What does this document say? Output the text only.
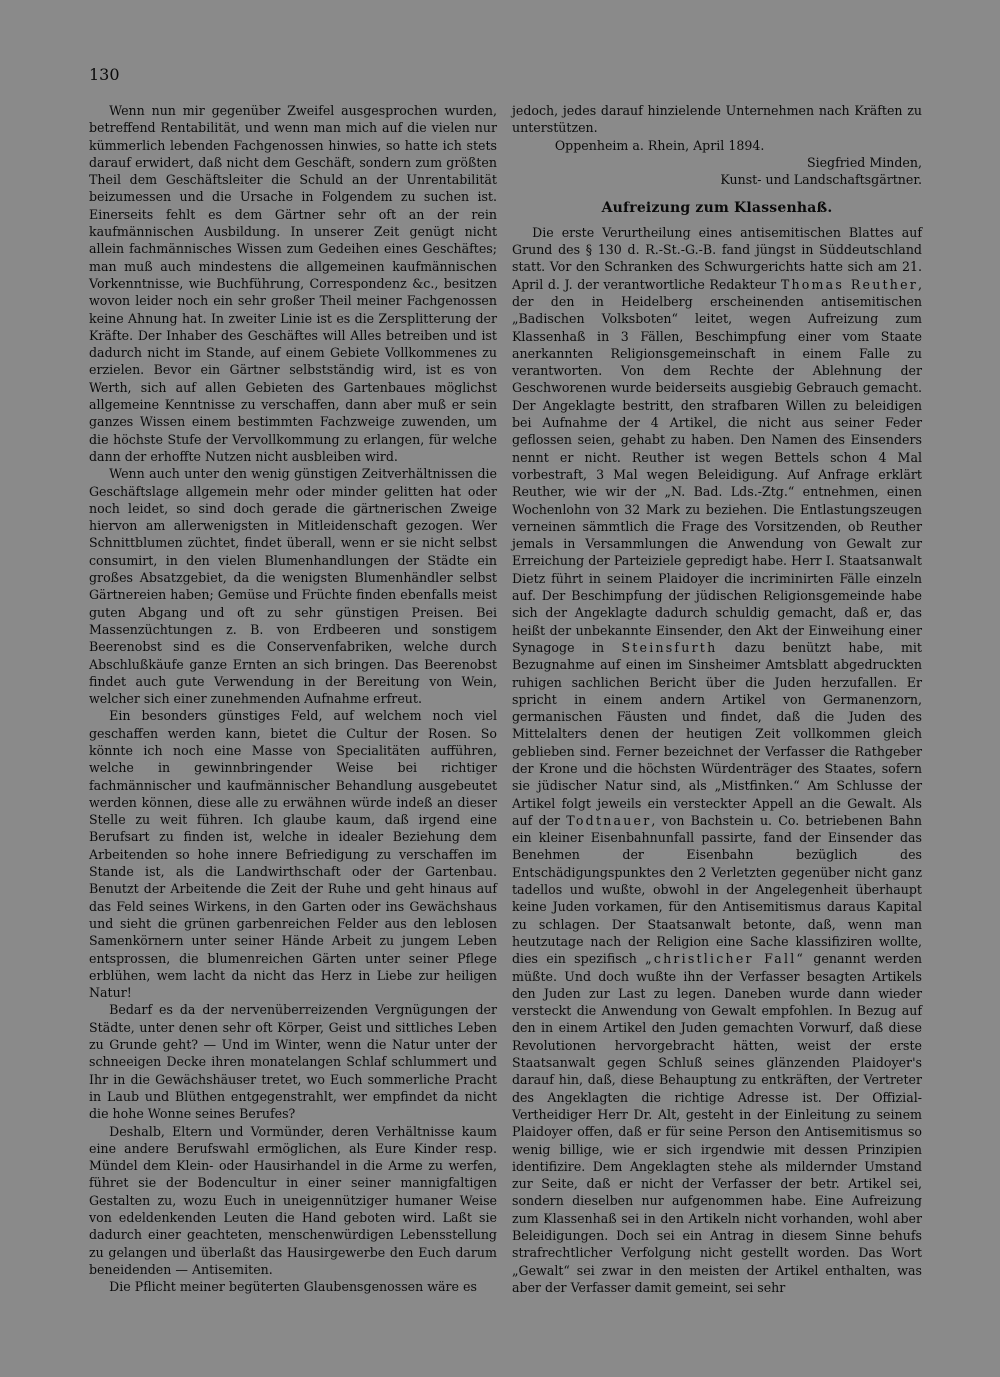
130

Wenn nun mir gegenüber Zweifel ausgesprochen wurden, betreffend Rentabilität, und wenn man mich auf die vielen nur kümmerlich lebenden Fachgenossen hinwies, so hatte ich stets darauf erwidert, daß nicht dem Geschäft, sondern zum größten Theil dem Geschäftsleiter die Schuld an der Unrentabilität beizumessen und die Ursache in Folgendem zu suchen ist. Einerseits fehlt es dem Gärtner sehr oft an der rein kaufmännischen Ausbildung. In unserer Zeit genügt nicht allein fachmännisches Wissen zum Gedeihen eines Geschäftes; man muß auch mindestens die allgemeinen kaufmännischen Vorkenntnisse, wie Buchführung, Correspondenz &c., besitzen wovon leider noch ein sehr großer Theil meiner Fachgenossen keine Ahnung hat. In zweiter Linie ist es die Zersplitterung der Kräfte. Der Inhaber des Geschäftes will Alles betreiben und ist dadurch nicht im Stande, auf einem Gebiete Vollkommenes zu erzielen. Bevor ein Gärtner selbstständig wird, ist es von Werth, sich auf allen Gebieten des Gartenbaues möglichst allgemeine Kenntnisse zu verschaffen, dann aber muß er sein ganzes Wissen einem bestimmten Fachzweige zuwenden, um die höchste Stufe der Vervollkommung zu erlangen, für welche dann der erhoffte Nutzen nicht ausbleiben wird.

Wenn auch unter den wenig günstigen Zeitverhältnissen die Geschäftslage allgemein mehr oder minder gelitten hat oder noch leidet, so sind doch gerade die gärtnerischen Zweige hiervon am allerwenigsten in Mitleidenschaft gezogen. Wer Schnittblumen züchtet, findet überall, wenn er sie nicht selbst consumirt, in den vielen Blumenhandlungen der Städte ein großes Absatzgebiet, da die wenigsten Blumenhändler selbst Gärtnereien haben; Gemüse und Früchte finden ebenfalls meist guten Abgang und oft zu sehr günstigen Preisen. Bei Massenzüchtungen z. B. von Erdbeeren und sonstigem Beerenobst sind es die Conservenfabriken, welche durch Abschlußkäufe ganze Ernten an sich bringen. Das Beerenobst findet auch gute Verwendung in der Bereitung von Wein, welcher sich einer zunehmenden Aufnahme erfreut.

Ein besonders günstiges Feld, auf welchem noch viel geschaffen werden kann, bietet die Cultur der Rosen. So könnte ich noch eine Masse von Specialitäten aufführen, welche in gewinnbringender Weise bei richtiger fachmännischer und kaufmännischer Behandlung ausgebeutet werden können, diese alle zu erwähnen würde indeß an dieser Stelle zu weit führen. Ich glaube kaum, daß irgend eine Berufsart zu finden ist, welche in idealer Beziehung dem Arbeitenden so hohe innere Befriedigung zu verschaffen im Stande ist, als die Landwirthschaft oder der Gartenbau. Benutzt der Arbeitende die Zeit der Ruhe und geht hinaus auf das Feld seines Wirkens, in den Garten oder ins Gewächshaus und sieht die grünen garbenreichen Felder aus den leblosen Samenkörnern unter seiner Hände Arbeit zu jungem Leben entsprossen, die blumenreichen Gärten unter seiner Pflege erblühen, wem lacht da nicht das Herz in Liebe zur heiligen Natur!

Bedarf es da der nervenüberreizenden Vergnügungen der Städte, unter denen sehr oft Körper, Geist und sittliches Leben zu Grunde geht? — Und im Winter, wenn die Natur unter der schneeigen Decke ihren monatelangen Schlaf schlummert und Ihr in die Gewächshäuser tretet, wo Euch sommerliche Pracht in Laub und Blüthen entgegenstrahlt, wer empfindet da nicht die hohe Wonne seines Berufes?

Deshalb, Eltern und Vormünder, deren Verhältnisse kaum eine andere Berufswahl ermöglichen, als Eure Kinder resp. Mündel dem Klein- oder Hausirhandel in die Arme zu werfen, führet sie der Bodencultur in einer seiner mannigfaltigen Gestalten zu, wozu Euch in uneigennütziger humaner Weise von edeldenkenden Leuten die Hand geboten wird. Laßt sie dadurch einer geachteten, menschenwürdigen Lebensstellung zu gelangen und überlaßt das Hausirgewerbe den Euch darum beneidenden — Antisemiten.

Die Pflicht meiner begüterten Glaubensgenossen wäre es

jedoch, jedes darauf hinzielende Unternehmen nach Kräften zu unterstützen.

Oppenheim a. Rhein, April 1894.

Siegfried Minden,

Kunst- und Landschaftsgärtner.

Aufreizung zum Klassenhaß.

Die erste Verurtheilung eines antisemitischen Blattes auf Grund des § 130 d. R.-St.-G.-B. fand jüngst in Süddeutschland statt. Vor den Schranken des Schwurgerichts hatte sich am 21. April d. J. der verantwortliche Redakteur Thomas Reuther, der den in Heidelberg erscheinenden antisemitischen „Badischen Volksboten“ leitet, wegen Aufreizung zum Klassenhaß in 3 Fällen, Beschimpfung einer vom Staate anerkannten Religionsgemeinschaft in einem Falle zu verantworten. Von dem Rechte der Ablehnung der Geschworenen wurde beiderseits ausgiebig Gebrauch gemacht. Der Angeklagte bestritt, den strafbaren Willen zu beleidigen bei Aufnahme der 4 Artikel, die nicht aus seiner Feder geflossen seien, gehabt zu haben. Den Namen des Einsenders nennt er nicht. Reuther ist wegen Bettels schon 4 Mal vorbestraft, 3 Mal wegen Beleidigung. Auf Anfrage erklärt Reuther, wie wir der „N. Bad. Lds.-Ztg.“ entnehmen, einen Wochenlohn von 32 Mark zu beziehen. Die Entlastungszeugen verneinen sämmtlich die Frage des Vorsitzenden, ob Reuther jemals in Versammlungen die Anwendung von Gewalt zur Erreichung der Parteiziele gepredigt habe. Herr I. Staatsanwalt Dietz führt in seinem Plaidoyer die incriminirten Fälle einzeln auf. Der Beschimpfung der jüdischen Religionsgemeinde habe sich der Angeklagte dadurch schuldig gemacht, daß er, das heißt der unbekannte Einsender, den Akt der Einweihung einer Synagoge in Steinsfurth dazu benützt habe, mit Bezugnahme auf einen im Sinsheimer Amtsblatt abgedruckten ruhigen sachlichen Bericht über die Juden herzufallen. Er spricht in einem andern Artikel von Germanenzorn, germanischen Fäusten und findet, daß die Juden des Mittelalters denen der heutigen Zeit vollkommen gleich geblieben sind. Ferner bezeichnet der Verfasser die Rathgeber der Krone und die höchsten Würdenträger des Staates, sofern sie jüdischer Natur sind, als „Mistfinken.“ Am Schlusse der Artikel folgt jeweils ein versteckter Appell an die Gewalt. Als auf der Todtnauer, von Bachstein u. Co. betriebenen Bahn ein kleiner Eisenbahnunfall passirte, fand der Einsender das Benehmen der Eisenbahn bezüglich des Entschädigungspunktes den 2 Verletzten gegenüber nicht ganz tadellos und wußte, obwohl in der Angelegenheit überhaupt keine Juden vorkamen, für den Antisemitismus daraus Kapital zu schlagen. Der Staatsanwalt betonte, daß, wenn man heutzutage nach der Religion eine Sache klassifiziren wollte, dies ein spezifisch „christlicher Fall“ genannt werden müßte. Und doch wußte ihn der Verfasser besagten Artikels den Juden zur Last zu legen. Daneben wurde dann wieder versteckt die Anwendung von Gewalt empfohlen. In Bezug auf den in einem Artikel den Juden gemachten Vorwurf, daß diese Revolutionen hervorgebracht hätten, weist der erste Staatsanwalt gegen Schluß seines glänzenden Plaidoyer's darauf hin, daß, diese Behauptung zu entkräften, der Vertreter des Angeklagten die richtige Adresse ist. Der Offizial-Vertheidiger Herr Dr. Alt, gesteht in der Einleitung zu seinem Plaidoyer offen, daß er für seine Person den Antisemitismus so wenig billige, wie er sich irgendwie mit dessen Prinzipien identifizire. Dem Angeklagten stehe als mildernder Umstand zur Seite, daß er nicht der Verfasser der betr. Artikel sei, sondern dieselben nur aufgenommen habe. Eine Aufreizung zum Klassenhaß sei in den Artikeln nicht vorhanden, wohl aber Beleidigungen. Doch sei ein Antrag in diesem Sinne behufs strafrechtlicher Verfolgung nicht gestellt worden. Das Wort „Gewalt“ sei zwar in den meisten der Artikel enthalten, was aber der Verfasser damit gemeint, sei sehr
